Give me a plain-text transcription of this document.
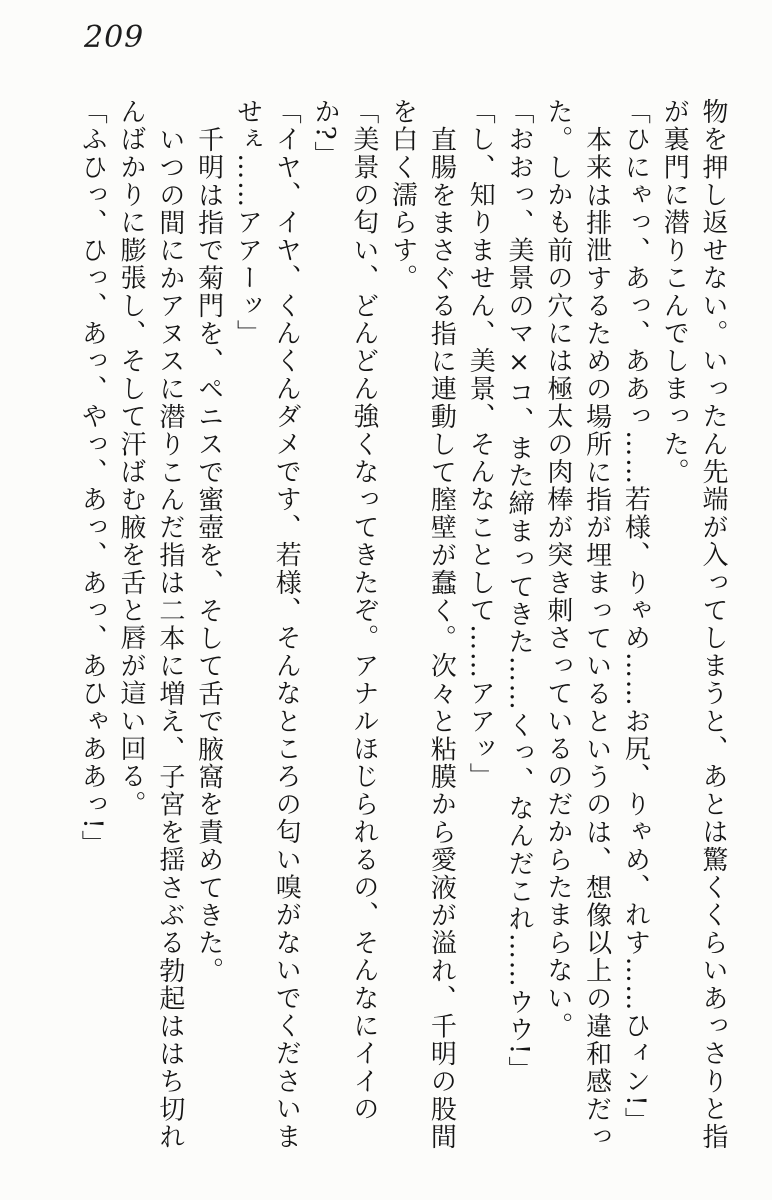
209
物を押し返せない。いったん先端が入ってしまうと、あとは驚くくらいあっさりと指
が裏門に潜りこんでしまった。
「ひにゃっ、あっ、ああっ……若様、りゃめ……お尻、りゃめ、れす……ひィン!」
本来は排泄するための場所に指が埋まっているというのは、想像以上の違和感だっ
た。しかも前の穴には極太の肉棒が突き刺さっているのだからたまらない。
「おおっ、美景のマ×コ、また締まってきた……くっ、なんだこれ……ウウ!」
「し、知りません、美景、そんなことして……アアッ」
直腸をまさぐる指に連動して膣壁が蠢く。次々と粘膜から愛液が溢れ、千明の股間
を白く濡らす。
「美景の匂い、どんどん強くなってきたぞ。アナルほじられるの、そんなにイイの
か?」
「イヤ、イヤ、くんくんダメです、若様、そんなところの匂い嗅がないでくださいま
せぇ……アアーッ」
千明は指で菊門を、ペニスで蜜壺を、そして舌で腋窩を責めてきた。
いつの間にかアヌスに潜りこんだ指は二本に増え、子宮を揺さぶる勃起ははち切れ
んばかりに膨張し、そして汗ばむ腋を舌と唇が這い回る。
「ふひっ、ひっ、あっ、やっ、あっ、あっ、あひゃああっ!」
